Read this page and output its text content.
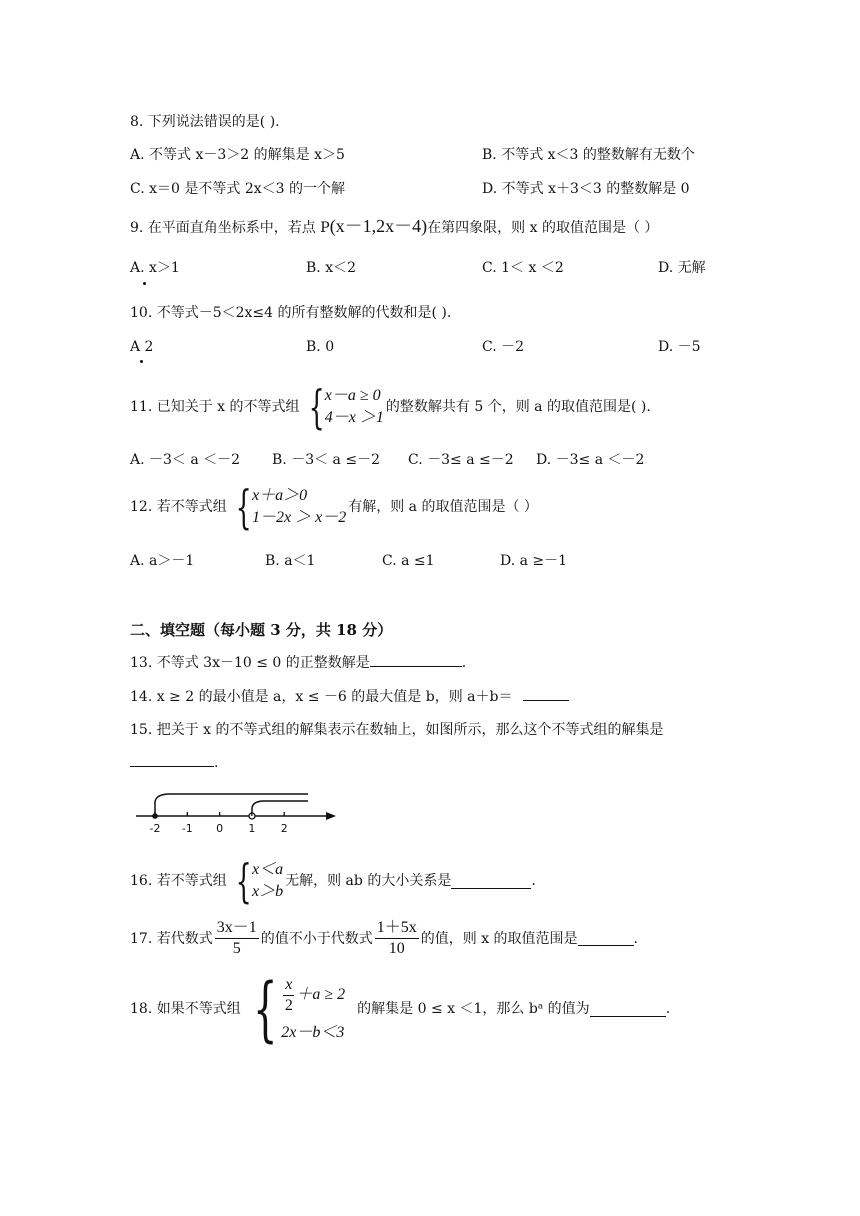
8. 下列说法错误的是( ).
A. 不等式 x－3＞2 的解集是 x＞5	B. 不等式 x＜3 的整数解有无数个
C. x＝0 是不等式 2x＜3 的一个解	D. 不等式 x＋3＜3 的整数解是 0
9. 在平面直角坐标系中，若点 P(x－1,2x－4)在第四象限，则 x 的取值范围是（ ）
A. x＞1	B. x＜2	C. 1＜ x ＜2	D. 无解
10. 不等式－5＜2x≤4 的所有整数解的代数和是( ).
A 2	B. 0	C. －2	D. －5
11. 已知关于 x 的不等式组 { x－a ≥ 0
4－x ＞1
的整数解共有 5 个，则 a 的取值范围是( ).
A. －3＜ a ＜－2 B. －3＜ a ≤－2 C. －3≤ a ≤－2 D. －3≤ a ＜－2
12. 若不等式组 { x＋a＞0
1－2x ＞ x－2
有解，则 a 的取值范围是（ ）
A. a＞－1	B. a＜1	C. a ≤1	D. a ≥－1
二、填空题（每小题 3 分，共 18 分）
13. 不等式 3x－10 ≤ 0 的正整数解是	.
14. x ≥ 2 的最小值是 a，x ≤ －6 的最大值是 b，则 a＋b＝
15. 把关于 x 的不等式组的解集表示在数轴上，如图所示，那么这个不等式组的解集是
.
-2 -1 0 1 2
16. 若不等式组 { x＜a
x＞b
无解，则 ab 的大小关系是	.
17. 若代数式 $\frac{3x-1}{5}$ 的值不小于代数式 $\frac{1+5x}{10}$ 的值，则 x 的取值范围是	.
18. 如果不等式组 { $\frac{x}{2} +a \ge 2$
2x－b＜3
的解集是 0 ≤ x ＜1，那么 bᵃ 的值为	.
